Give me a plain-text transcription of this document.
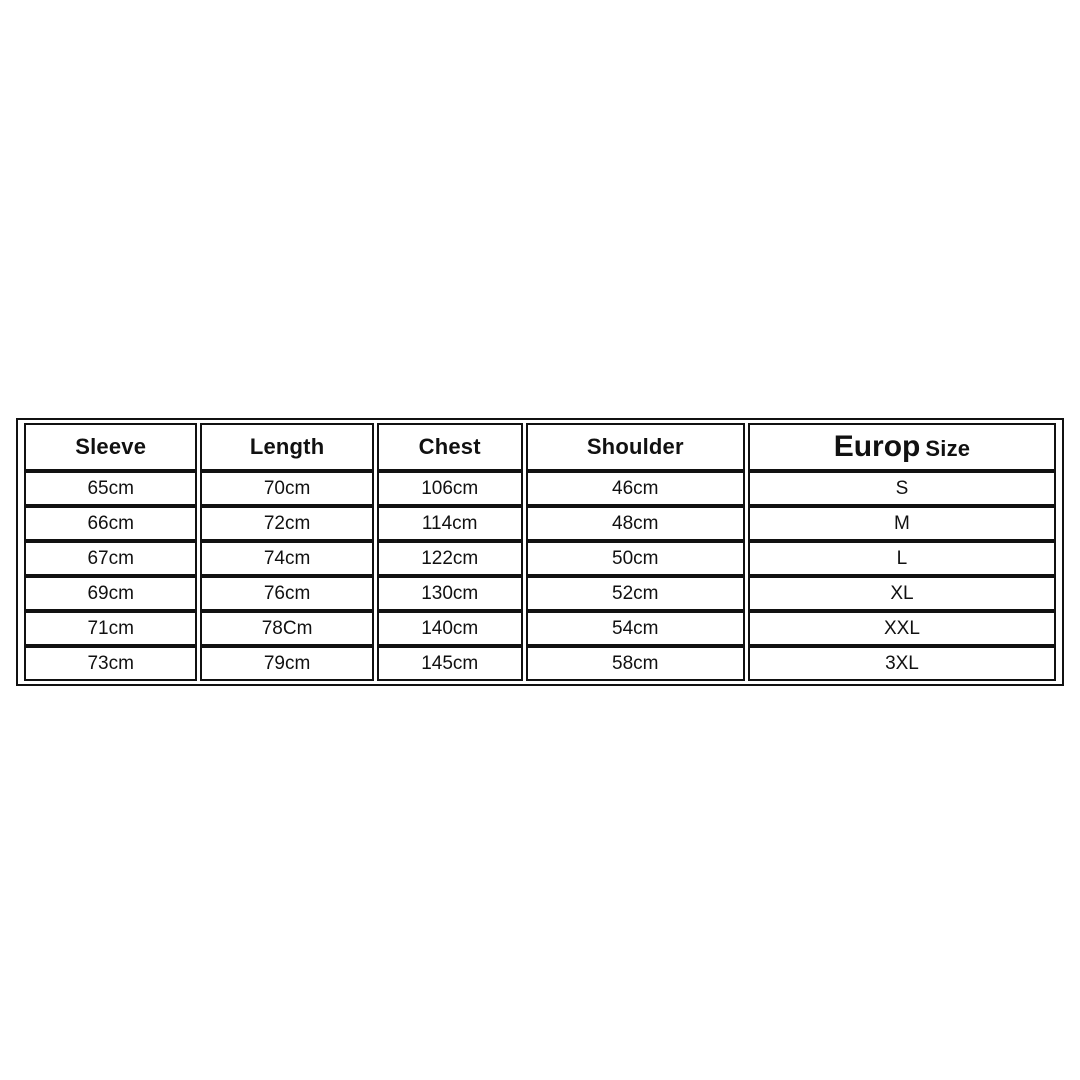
Sleeve	Length	Chest	Shoulder	Europ Size
65cm	70cm	106cm	46cm	S
66cm	72cm	114cm	48cm	M
67cm	74cm	122cm	50cm	L
69cm	76cm	130cm	52cm	XL
71cm	78Cm	140cm	54cm	XXL
73cm	79cm	145cm	58cm	3XL
